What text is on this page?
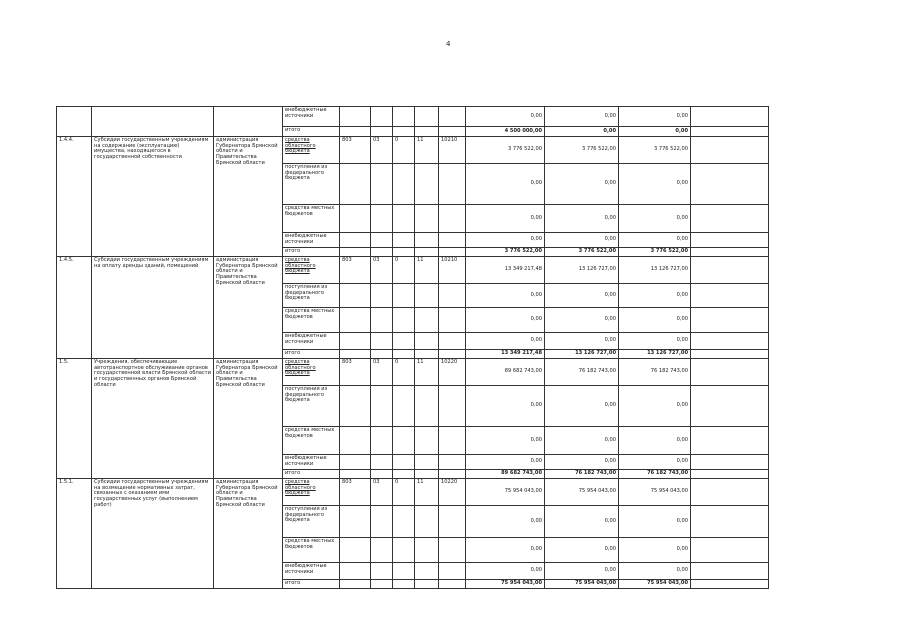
4
			внебюджетные источники						0,00	0,00	0,00	
			итого						4 500 000,00	0,00	0,00	
1.4.4.	Субсидии государственным учреждениям на содержание (эксплуатацию) имущества, находящегося в государственной собственности	администрация Губернатора Брянской области и Правительства Брянской области	средства областного бюджета	803	03	0	11	10210	3 776 522,00	3 776 522,00	3 776 522,00	
			поступления из федерального бюджета						0,00	0,00	0,00	
			средства местных бюджетов						0,00	0,00	0,00	
			внебюджетные источники						0,00	0,00	0,00	
			итого						3 776 522,00	3 776 522,00	3 776 522,00	
1.4.5.	Субсидии государственным учреждениям на оплату аренды зданий, помещений	администрация Губернатора Брянской области и Правительства Брянской области	средства областного бюджета	803	03	0	11	10210	13 349 217,48	13 126 727,00	13 126 727,00	
			поступления из федерального бюджета						0,00	0,00	0,00	
			средства местных бюджетов						0,00	0,00	0,00	
			внебюджетные источники						0,00	0,00	0,00	
			итого						13 349 217,48	13 126 727,00	13 126 727,00	
1.5.	Учреждения, обеспечивающие автотранспортное обслуживание органов государственной власти Брянской области и государственных органов Брянской области	администрация Губернатора Брянской области и Правительства Брянской области	средства областного бюджета	803	03	0	11	10220	89 682 743,00	76 182 743,00	76 182 743,00	
			поступления из федерального бюджета						0,00	0,00	0,00	
			средства местных бюджетов						0,00	0,00	0,00	
			внебюджетные источники						0,00	0,00	0,00	
			итого						89 682 743,00	76 182 743,00	76 182 743,00	
1.5.1.	Субсидии государственным учреждениям на возмещение нормативных затрат, связанных с оказанием ими государственных услуг (выполнением работ)	администрация Губернатора Брянской области и Правительства Брянской области	средства областного бюджета	803	03	0	11	10220	75 954 043,00	75 954 043,00	75 954 043,00	
			поступления из федерального бюджета						0,00	0,00	0,00	
			средства местных бюджетов						0,00	0,00	0,00	
			внебюджетные источники						0,00	0,00	0,00	
			итого						75 954 043,00	75 954 043,00	75 954 043,00	
